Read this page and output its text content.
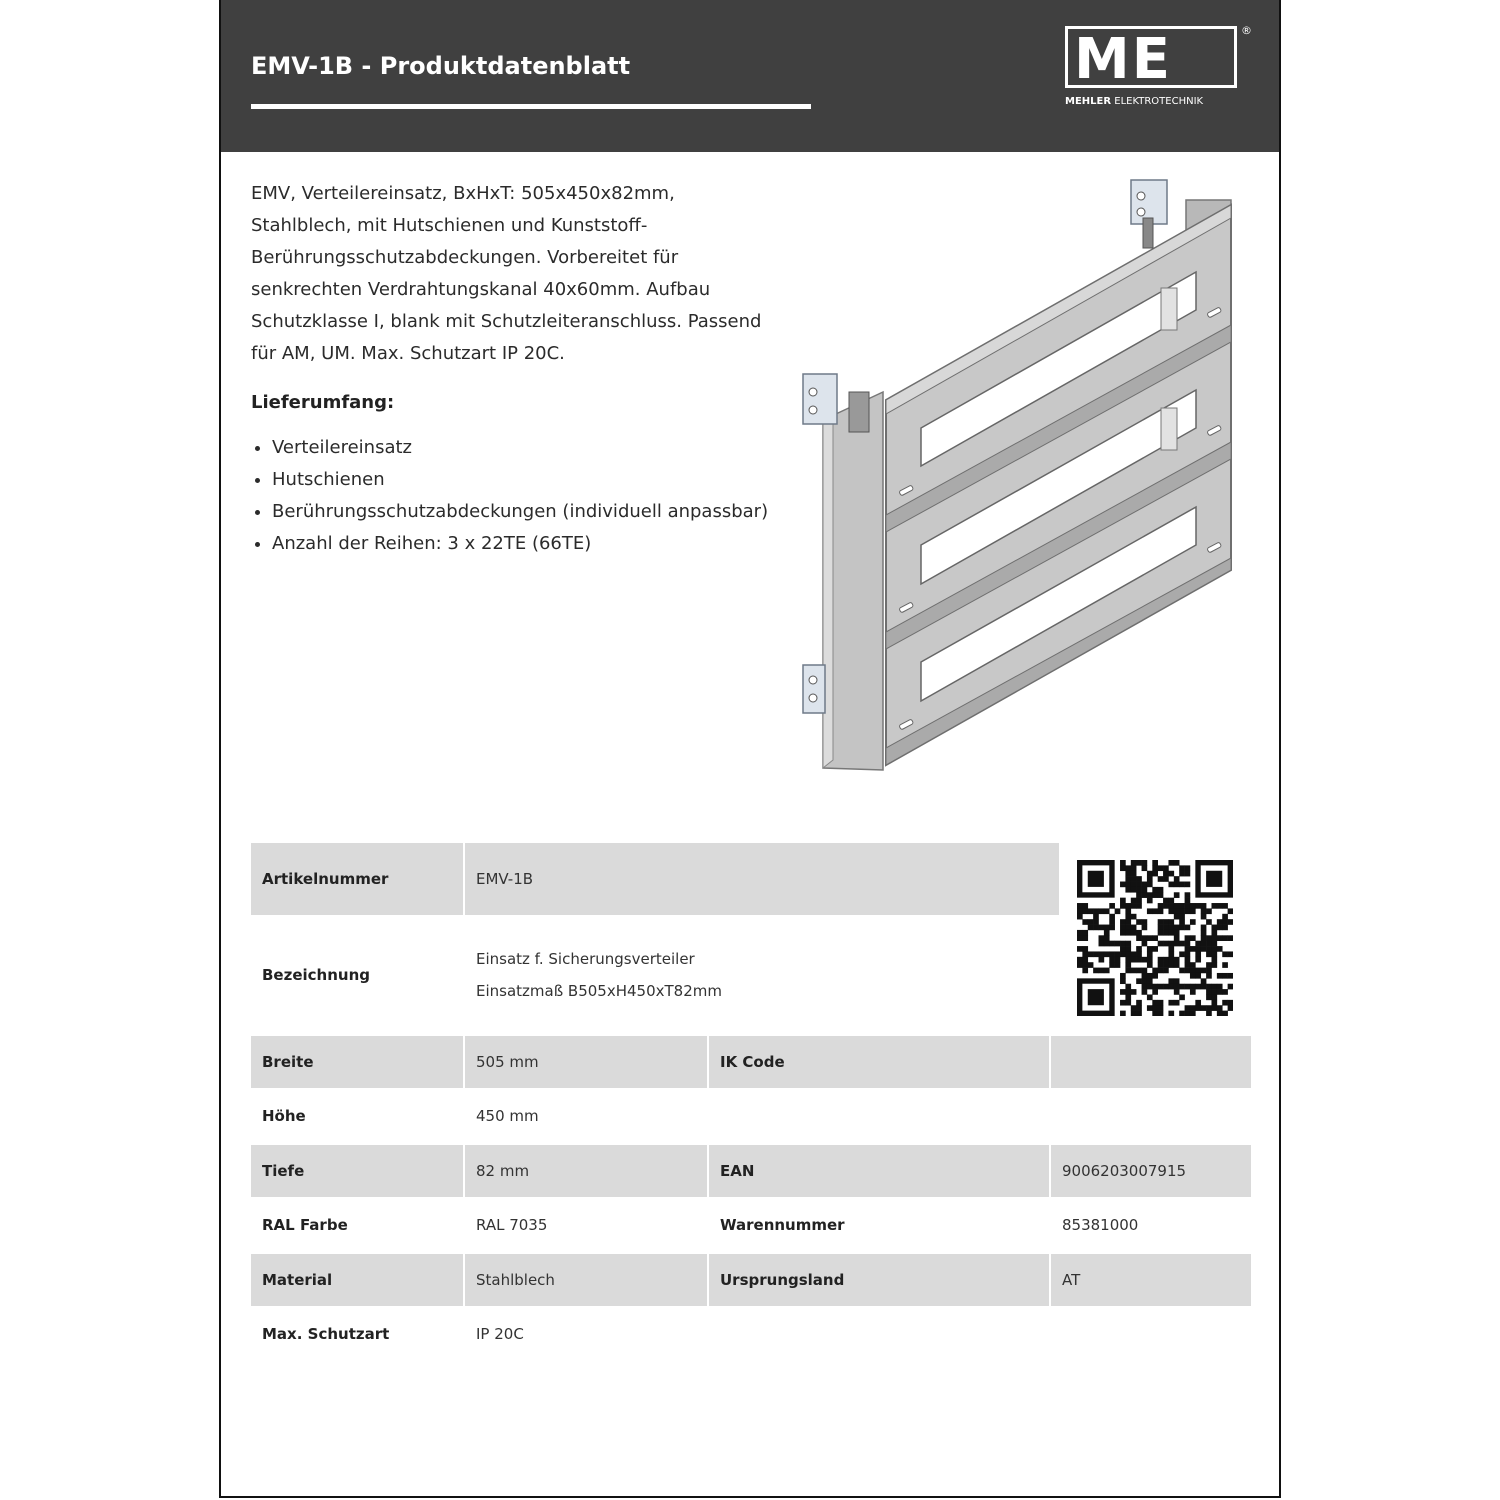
EMV-1B - Produktdatenblatt	ME	®
MEHLER ELEKTROTECHNIK
EMV, Verteilereinsatz, BxHxT: 505x450x82mm, Stahlblech, mit Hutschienen und Kunststoff-Berührungsschutzabdeckungen. Vorbereitet für senkrechten Verdrahtungskanal 40x60mm. Aufbau Schutzklasse I, blank mit Schutzleiteranschluss. Passend für AM, UM. Max. Schutzart IP 20C.
Lieferumfang:
• Verteilereinsatz
• Hutschienen
• Berührungsschutzabdeckungen (individuell anpassbar)
• Anzahl der Reihen: 3 x 22TE (66TE)
Artikelnummer	EMV-1B
Bezeichnung
Einsatz f. Sicherungsverteiler
Einsatzmaß B505xH450xT82mm
Breite	505 mm	IK Code
Höhe	450 mm
Tiefe	82 mm	EAN	9006203007915
RAL Farbe	RAL 7035	Warennummer	85381000
Material	Stahlblech	Ursprungsland	AT
Max. Schutzart	IP 20C
